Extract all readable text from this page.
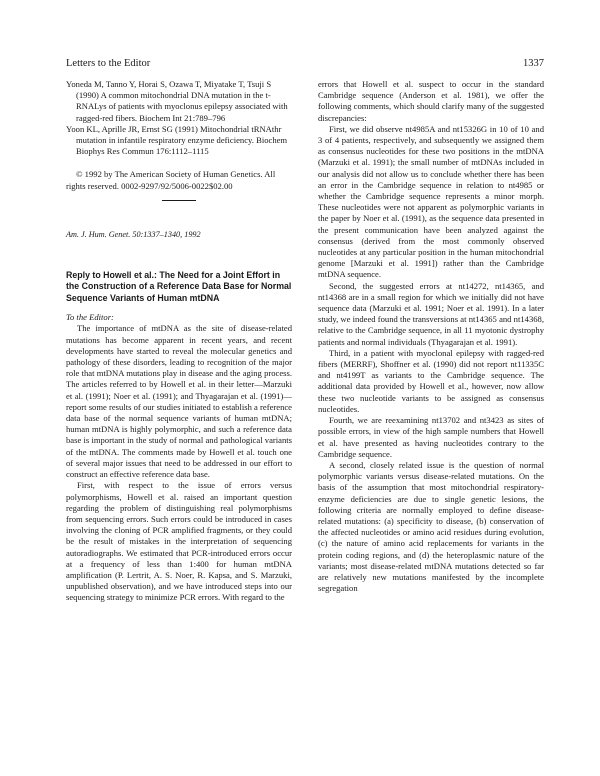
Letters to the Editor	1337

Yoneda M, Tanno Y, Horai S, Ozawa T, Miyatake T, Tsuji S (1990) A common mitochondrial DNA mutation in the t-RNALys of patients with myoclonus epilepsy associated with ragged-red fibers. Biochem Int 21:789–796

Yoon KL, Aprille JR, Ernst SG (1991) Mitochondrial tRNAthr mutation in infantile respiratory enzyme deficiency. Biochem Biophys Res Commun 176:1112–1115

© 1992 by The American Society of Human Genetics. All rights reserved. 0002-9297/92/5006-0022$02.00

Am. J. Hum. Genet. 50:1337–1340, 1992
Reply to Howell et al.: The Need for a Joint Effort in the Construction of a Reference Data Base for Normal Sequence Variants of Human mtDNA
To the Editor:

The importance of mtDNA as the site of disease-related mutations has become apparent in recent years, and recent developments have started to reveal the molecular genetics and pathology of these disorders, leading to recognition of the major role that mtDNA mutations play in disease and the aging process. The articles referred to by Howell et al. in their letter—Marzuki et al. (1991); Noer et al. (1991); and Thyagarajan et al. (1991)—report some results of our studies initiated to establish a reference data base of the normal sequence variants of human mtDNA; human mtDNA is highly polymorphic, and such a reference data base is important in the study of normal and pathological variants of the mtDNA. The comments made by Howell et al. touch one of several major issues that need to be addressed in our effort to construct an effective reference data base.

First, with respect to the issue of errors versus polymorphisms, Howell et al. raised an important question regarding the problem of distinguishing real polymorphisms from sequencing errors. Such errors could be introduced in cases involving the cloning of PCR amplified fragments, or they could be the result of mistakes in the interpretation of sequencing autoradiographs. We estimated that PCR-introduced errors occur at a frequency of less than 1:400 for human mtDNA amplification (P. Lertrit, A. S. Noer, R. Kapsa, and S. Marzuki, unpublished observation), and we have introduced steps into our sequencing strategy to minimize PCR errors. With regard to the

errors that Howell et al. suspect to occur in the standard Cambridge sequence (Anderson et al. 1981), we offer the following comments, which should clarify many of the suggested discrepancies:

First, we did observe nt4985A and nt15326G in 10 of 10 and 3 of 4 patients, respectively, and subsequently we assigned them as consensus nucleotides for these two positions in the mtDNA (Marzuki et al. 1991); the small number of mtDNAs included in our analysis did not allow us to conclude whether there has been an error in the Cambridge sequence in relation to nt4985 or whether the Cambridge sequence represents a minor morph. These nucleotides were not apparent as polymorphic variants in the paper by Noer et al. (1991), as the sequence data presented in the present communication have been analyzed against the consensus (derived from the most commonly observed nucleotides at any particular position in the human mitochondrial genome [Marzuki et al. 1991]) rather than the Cambridge mtDNA sequence.

Second, the suggested errors at nt14272, nt14365, and nt14368 are in a small region for which we initially did not have sequence data (Marzuki et al. 1991; Noer et al. 1991). In a later study, we indeed found the transversions at nt14365 and nt14368, relative to the Cambridge sequence, in all 11 myotonic dystrophy patients and normal individuals (Thyagarajan et al. 1991).

Third, in a patient with myoclonal epilepsy with ragged-red fibers (MERRF), Shoffner et al. (1990) did not report nt11335C and nt4199T as variants to the Cambridge sequence. The additional data provided by Howell et al., however, now allow these two nucleotide variants to be assigned as consensus nucleotides.

Fourth, we are reexamining nt13702 and nt3423 as sites of possible errors, in view of the high sample numbers that Howell et al. have presented as having nucleotides contrary to the Cambridge sequence.

A second, closely related issue is the question of normal polymorphic variants versus disease-related mutations. On the basis of the assumption that most mitochondrial respiratory-enzyme deficiencies are due to single genetic lesions, the following criteria are normally employed to define disease-related mutations: (a) specificity to disease, (b) conservation of the affected nucleotides or amino acid residues during evolution, (c) the nature of amino acid replacements for variants in the protein coding regions, and (d) the heteroplasmic nature of the variants; most disease-related mtDNA mutations detected so far are relatively new mutations manifested by the incomplete segregation
